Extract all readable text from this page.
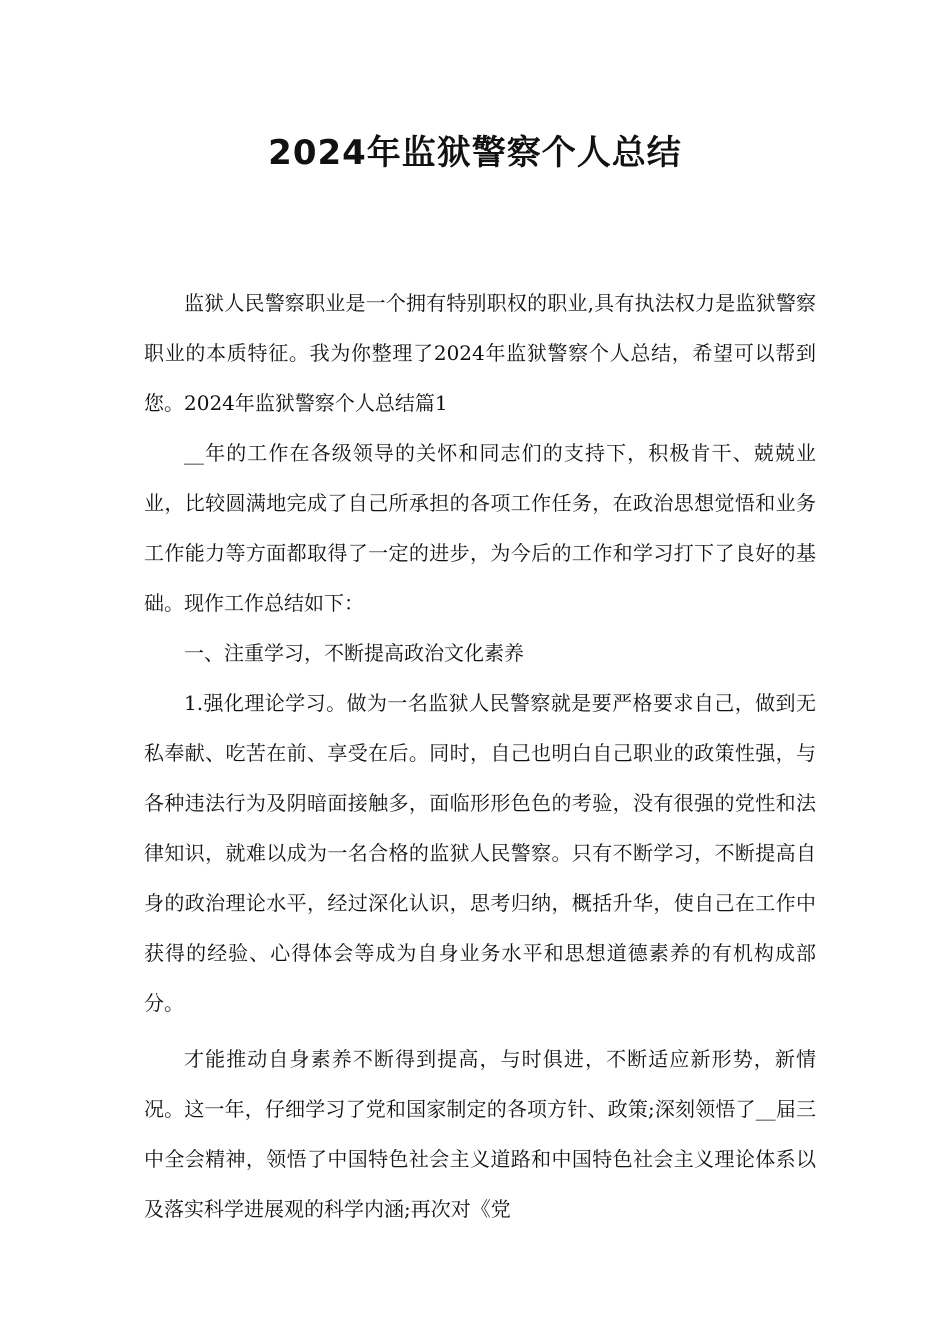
2024年监狱警察个人总结

监狱人民警察职业是一个拥有特别职权的职业,具有执法权力是监狱警察职业的本质特征。我为你整理了2024年监狱警察个人总结，希望可以帮到您。2024年监狱警察个人总结篇1

__年的工作在各级领导的关怀和同志们的支持下，积极肯干、兢兢业业，比较圆满地完成了自己所承担的各项工作任务，在政治思想觉悟和业务工作能力等方面都取得了一定的进步，为今后的工作和学习打下了良好的基础。现作工作总结如下：

一、注重学习，不断提高政治文化素养

1.强化理论学习。做为一名监狱人民警察就是要严格要求自己，做到无私奉献、吃苦在前、享受在后。同时，自己也明白自己职业的政策性强，与各种违法行为及阴暗面接触多，面临形形色色的考验，没有很强的党性和法律知识，就难以成为一名合格的监狱人民警察。只有不断学习，不断提高自身的政治理论水平，经过深化认识，思考归纳，概括升华，使自己在工作中获得的经验、心得体会等成为自身业务水平和思想道德素养的有机构成部分。

才能推动自身素养不断得到提高，与时俱进，不断适应新形势，新情况。这一年，仔细学习了党和国家制定的各项方针、政策;深刻领悟了__届三中全会精神，领悟了中国特色社会主义道路和中国特色社会主义理论体系以及落实科学进展观的科学内涵;再次对《党
